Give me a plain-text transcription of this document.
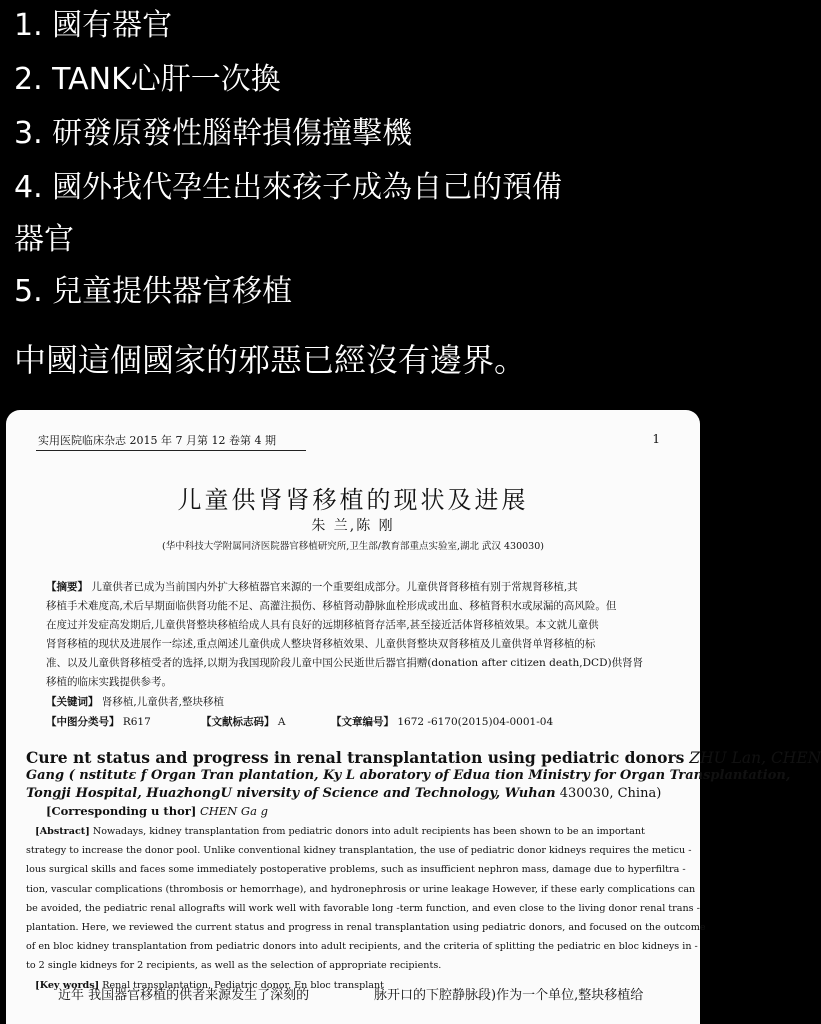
1. 國有器官
2. TANK心肝一次換
3. 研發原發性腦幹損傷撞擊機
4. 國外找代孕生出來孩子成為自己的預備
器官
5. 兒童提供器官移植
中國這個國家的邪惡已經沒有邊界。
实用医院临床杂志 2015 年 7 月第 12 卷第 4 期	1
儿童供肾肾移植的现状及进展
朱 兰,陈 刚
(华中科技大学附属同济医院器官移植研究所,卫生部/教育部重点实验室,湖北 武汉 430030)
【摘要】 儿童供者已成为当前国内外扩大移植器官来源的一个重要组成部分。儿童供肾肾移植有别于常规肾移植,其
移植手术难度高,术后早期面临供肾功能不足、高灌注损伤、移植肾动静脉血栓形成或出血、移植肾积水或尿漏的高风险。但
在度过并发症高发期后,儿童供肾整块移植给成人具有良好的远期移植肾存活率,甚至接近活体肾移植效果。本文就儿童供
肾肾移植的现状及进展作一综述,重点阐述儿童供成人整块肾移植效果、儿童供肾整块双肾移植及儿童供肾单肾移植的标
准、以及儿童供肾移植受者的选择,以期为我国现阶段儿童中国公民逝世后器官捐赠(donation after citizen death,DCD)供肾肾
移植的临床实践提供参考。
【关键词】 肾移植,儿童供者,整块移植
【中图分类号】 R617	【文献标志码】 A	【文章编号】 1672 -6170(2015)04-0001-04
Cure nt status and progress in renal transplantation using pediatric donors ZHU Lan, CHEN
Gang ( nstitutε f Organ Tran plantation, Ky L aboratory of Edua tion Ministry for Organ Transplantation,
Tongji Hospital, HuazhongU niversity of Science and Technology, Wuhan 430030, China)
[Corresponding u thor] CHEN Ga g
[Abstract] Nowadays, kidney transplantation from pediatric donors into adult recipients has been shown to be an important
strategy to increase the donor pool. Unlike conventional kidney transplantation, the use of pediatric donor kidneys requires the meticu -
lous surgical skills and faces some immediately postoperative problems, such as insufficient nephron mass, damage due to hyperfiltra -
tion, vascular complications (thrombosis or hemorrhage), and hydronephrosis or urine leakage However, if these early complications can
be avoided, the pediatric renal allografts will work well with favorable long -term function, and even close to the living donor renal trans -
plantation. Here, we reviewed the current status and progress in renal transplantation using pediatric donors, and focused on the outcome
of en bloc kidney transplantation from pediatric donors into adult recipients, and the criteria of splitting the pediatric en bloc kidneys in -
to 2 single kidneys for 2 recipients, as well as the selection of appropriate recipients.
[Key words] Renal transplantation, Pediatric donor, En bloc transplant
近年 我国器官移植的供者来源发生了深刻的	脉开口的下腔静脉段)作为一个单位,整块移植给
